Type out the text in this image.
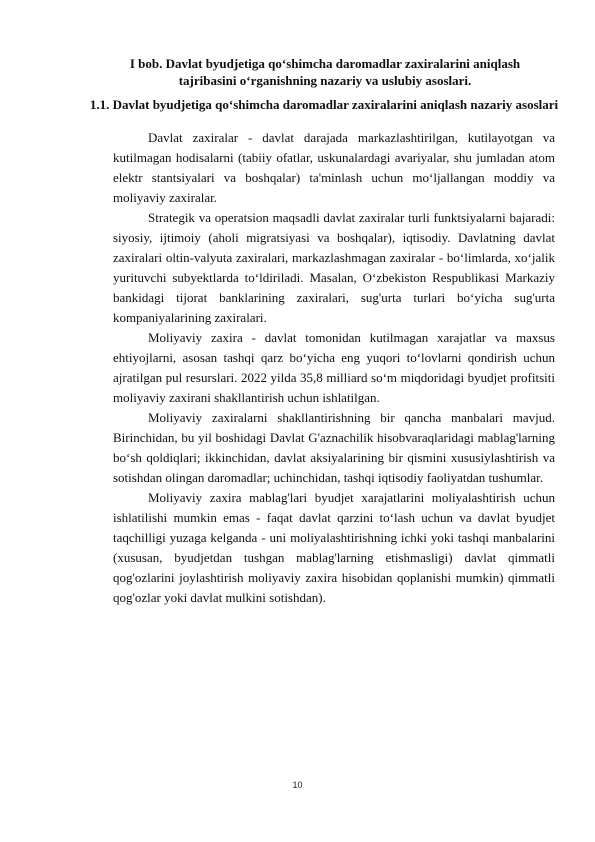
I bob. Davlat byudjetiga qo‘shimcha daromadlar zaxiralarini aniqlash
tajribasini o‘rganishning nazariy va uslubiy asoslari.
1.1. Davlat byudjetiga qo‘shimcha daromadlar zaxiralarini aniqlash nazariy asoslari

Davlat zaxiralar - davlat darajada markazlashtirilgan, kutilayotgan va kutilmagan hodisalarni (tabiiy ofatlar, uskunalardagi avariyalar, shu jumladan atom elektr stantsiyalari va boshqalar) ta'minlash uchun mo‘ljallangan moddiy va moliyaviy zaxiralar.

Strategik va operatsion maqsadli davlat zaxiralar turli funktsiyalarni bajaradi: siyosiy, ijtimoiy (aholi migratsiyasi va boshqalar), iqtisodiy. Davlatning davlat zaxiralari oltin-valyuta zaxiralari, markazlashmagan zaxiralar - bo‘limlarda, xo‘jalik yurituvchi subyektlarda to‘ldiriladi. Masalan, O‘zbekiston Respublikasi Markaziy bankidagi tijorat banklarining zaxiralari, sug'urta turlari bo‘yicha sug'urta kompaniyalarining zaxiralari.

Moliyaviy zaxira - davlat tomonidan kutilmagan xarajatlar va maxsus ehtiyojlarni, asosan tashqi qarz bo‘yicha eng yuqori to‘lovlarni qondirish uchun ajratilgan pul resurslari. 2022 yilda 35,8 milliard so‘m miqdoridagi byudjet profitsiti moliyaviy zaxirani shakllantirish uchun ishlatilgan.

Moliyaviy zaxiralarni shakllantirishning bir qancha manbalari mavjud. Birinchidan, bu yil boshidagi Davlat G'aznachilik hisobvaraqlaridagi mablag'larning bo‘sh qoldiqlari; ikkinchidan, davlat aksiyalarining bir qismini xususiylashtirish va sotishdan olingan daromadlar; uchinchidan, tashqi iqtisodiy faoliyatdan tushumlar.

Moliyaviy zaxira mablag'lari byudjet xarajatlarini moliyalashtirish uchun ishlatilishi mumkin emas - faqat davlat qarzini to‘lash uchun va davlat byudjet taqchilligi yuzaga kelganda - uni moliyalashtirishning ichki yoki tashqi manbalarini (xususan, byudjetdan tushgan mablag'larning etishmasligi) davlat qimmatli qog'ozlarini joylashtirish moliyaviy zaxira hisobidan qoplanishi mumkin) qimmatli qog'ozlar yoki davlat mulkini sotishdan).

10
